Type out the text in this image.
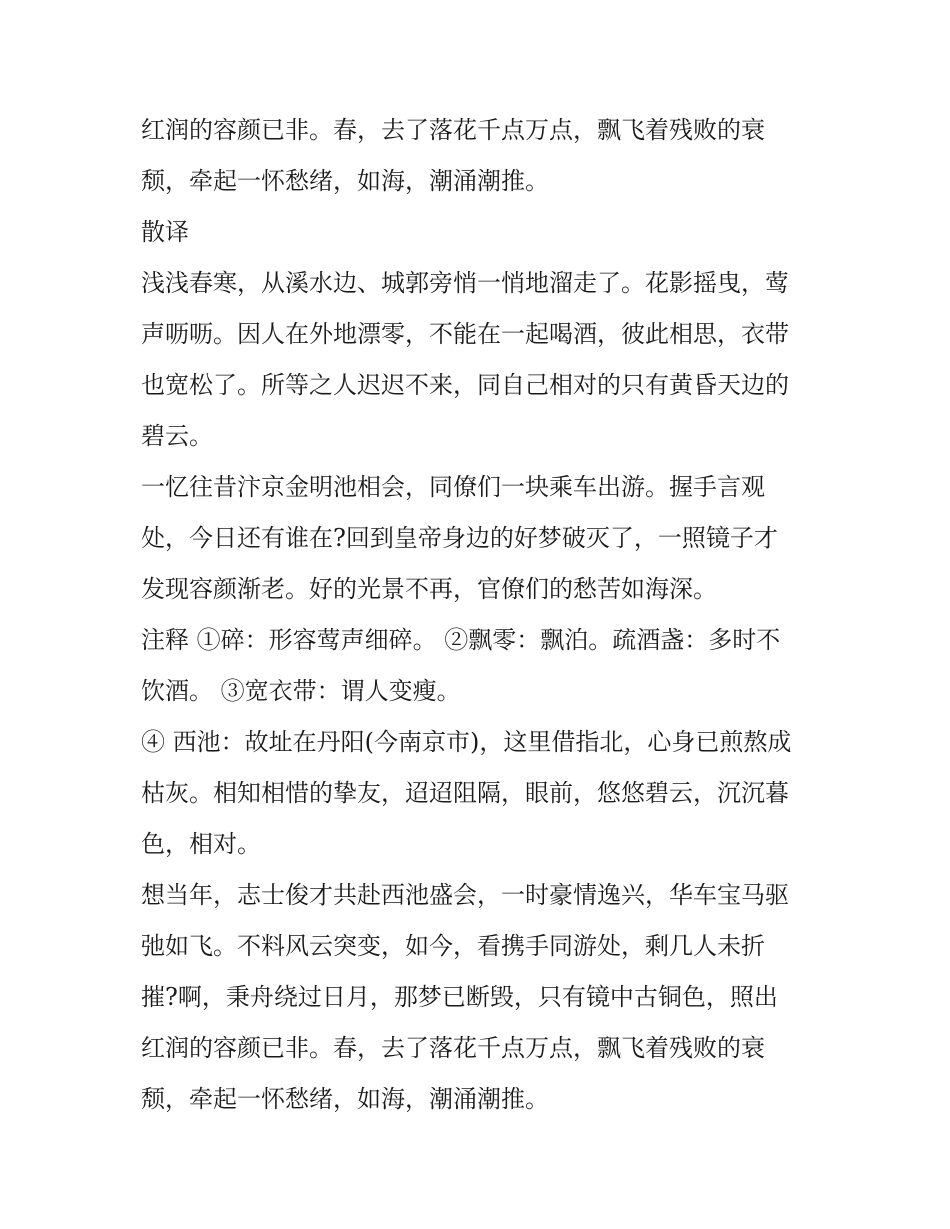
红润的容颜已非。春，去了落花千点万点，飘飞着残败的衰
颓，牵起一怀愁绪，如海，潮涌潮推。

散译

浅浅春寒，从溪水边、城郭旁悄一悄地溜走了。花影摇曳，莺
声呖呖。因人在外地漂零，不能在一起喝酒，彼此相思，衣带
也宽松了。所等之人迟迟不来，同自己相对的只有黄昏天边的
碧云。

一忆往昔汴京金明池相会，同僚们一块乘车出游。握手言观
处，今日还有谁在?回到皇帝身边的好梦破灭了，一照镜子才
发现容颜渐老。好的光景不再，官僚们的愁苦如海深。

注释 ①碎：形容莺声细碎。 ②飘零：飘泊。疏酒盏：多时不
饮酒。 ③宽衣带：谓人变瘦。

④ 西池：故址在丹阳(今南京市)，这里借指北，心身已煎熬成
枯灰。相知相惜的挚友，迢迢阻隔，眼前，悠悠碧云，沉沉暮
色，相对。

想当年，志士俊才共赴西池盛会，一时豪情逸兴，华车宝马驱
弛如飞。不料风云突变，如今，看携手同游处，剩几人未折
摧?啊，秉舟绕过日月，那梦已断毁，只有镜中古铜色，照出
红润的容颜已非。春，去了落花千点万点，飘飞着残败的衰
颓，牵起一怀愁绪，如海，潮涌潮推。
